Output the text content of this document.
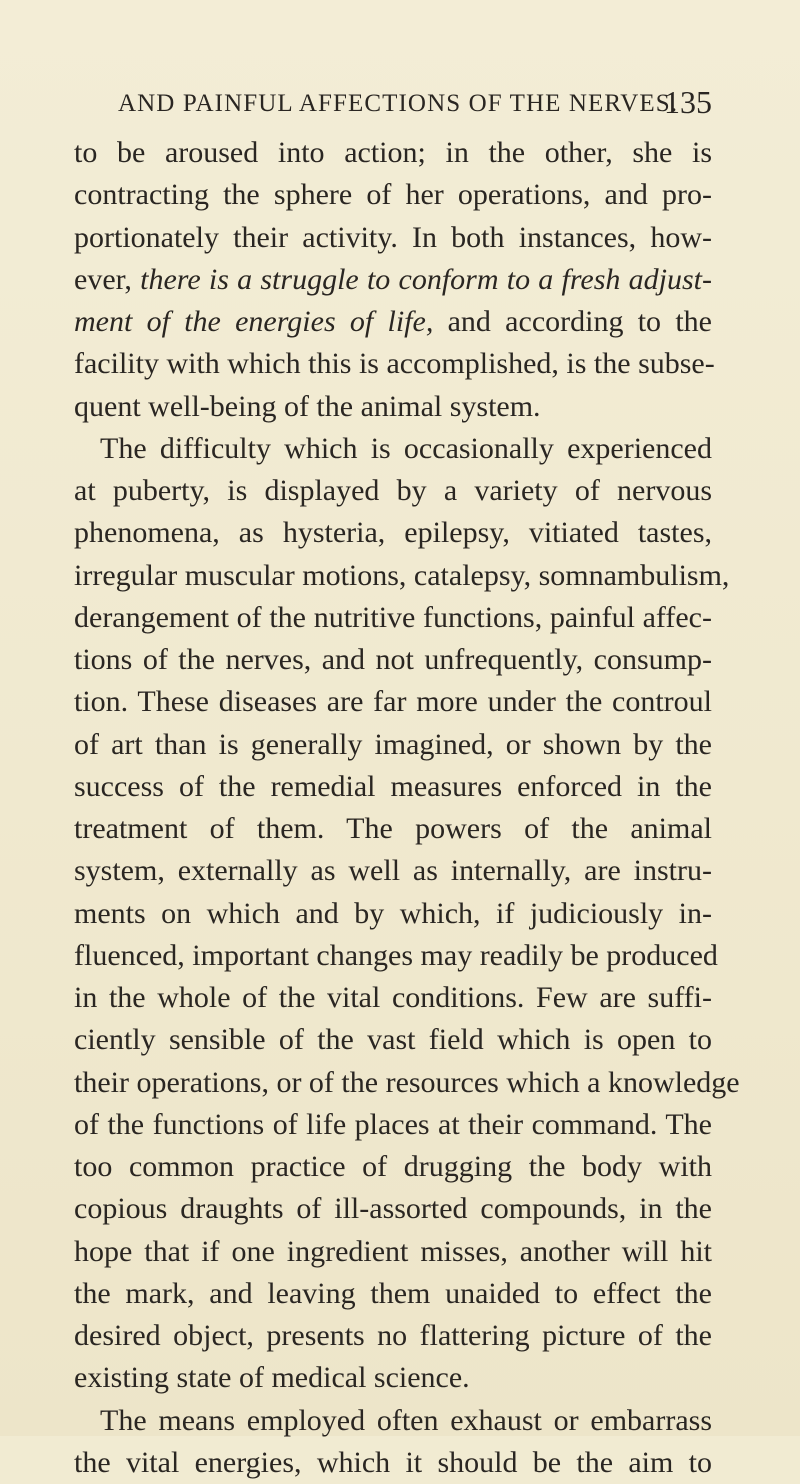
AND PAINFUL AFFECTIONS OF THE NERVES.
135
to be aroused into action; in the other, she is
contracting the sphere of her operations, and pro-
portionately their activity. In both instances, how-
ever, there is a struggle to conform to a fresh adjust-
ment of the energies of life, and according to the
facility with which this is accomplished, is the subse-
quent well-being of the animal system.
The difficulty which is occasionally experienced
at puberty, is displayed by a variety of nervous
phenomena, as hysteria, epilepsy, vitiated tastes,
irregular muscular motions, catalepsy, somnambulism,
derangement of the nutritive functions, painful affec-
tions of the nerves, and not unfrequently, consump-
tion. These diseases are far more under the controul
of art than is generally imagined, or shown by the
success of the remedial measures enforced in the
treatment of them. The powers of the animal
system, externally as well as internally, are instru-
ments on which and by which, if judiciously in-
fluenced, important changes may readily be produced
in the whole of the vital conditions. Few are suffi-
ciently sensible of the vast field which is open to
their operations, or of the resources which a knowledge
of the functions of life places at their command. The
too common practice of drugging the body with
copious draughts of ill-assorted compounds, in the
hope that if one ingredient misses, another will hit
the mark, and leaving them unaided to effect the
desired object, presents no flattering picture of the
existing state of medical science.
The means employed often exhaust or embarrass
the vital energies, which it should be the aim to
